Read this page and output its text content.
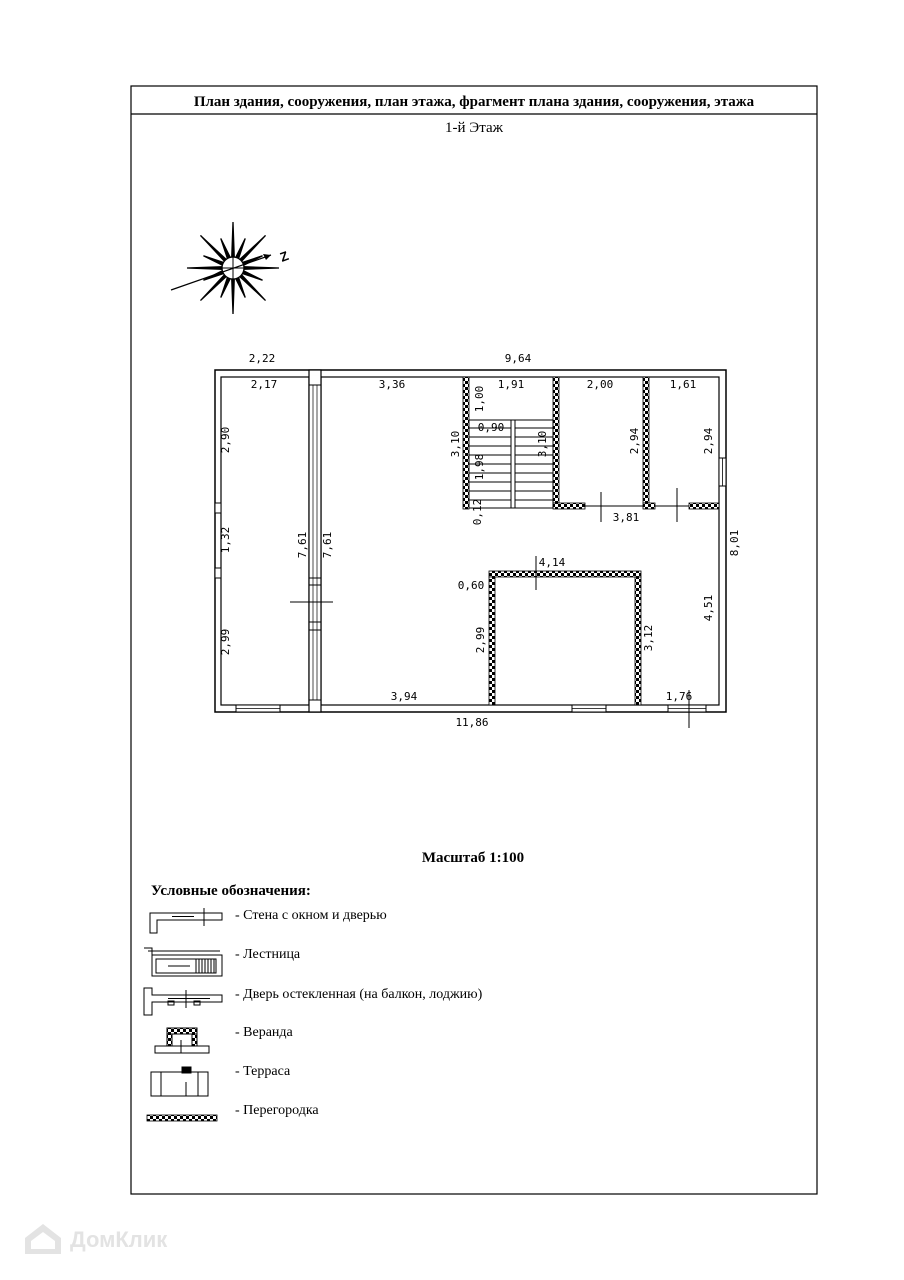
План здания, сооружения, план этажа, фрагмент плана здания, сооружения, этажа
1-й Этаж
Z
2,22	9,64
2,17	3,36	1,91	2,00	1,61
0,90
3,81
4,14
0,60
3,94	1,76
11,86
2,90
1,32
2,99
7,61 7,61
3,10
1,00
1,98
0,12
3,10	2,94	2,94
8,01
4,51
2,99	3,12
Масштаб 1:100
Условные обозначения:
- Стена с окном и дверью
- Лестница
- Дверь остекленная (на балкон, лоджию)
- Веранда
- Терраса
- Перегородка
ДомКлик
